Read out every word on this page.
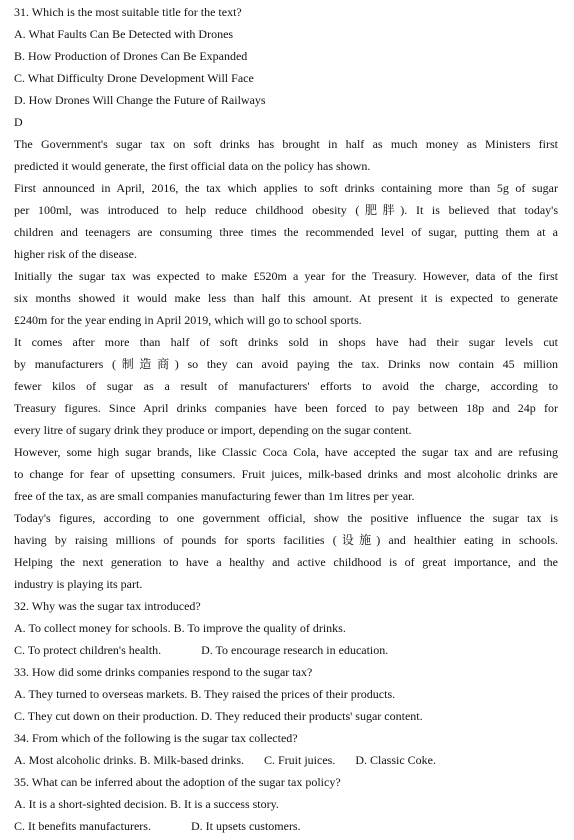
31. Which is the most suitable title for the text?
A. What Faults Can Be Detected with Drones
B. How Production of Drones Can Be Expanded
C. What Difficulty Drone Development Will Face
D. How Drones Will Change the Future of Railways
D
The Government's sugar tax on soft drinks has brought in half as much money as Ministers first
predicted it would generate, the first official data on the policy has shown.
First announced in April, 2016, the tax which applies to soft drinks containing more than 5g of sugar
per 100ml, was introduced to help reduce childhood obesity (肥胖). It is believed that today's
children and teenagers are consuming three times the recommended level of sugar, putting them at a
higher risk of the disease.
Initially the sugar tax was expected to make £520m a year for the Treasury. However, data of the first
six months showed it would make less than half this amount. At present it is expected to generate
£240m for the year ending in April 2019, which will go to school sports.
It comes after more than half of soft drinks sold in shops have had their sugar levels cut
by manufacturers (制造商) so they can avoid paying the tax. Drinks now contain 45 million
fewer kilos of sugar as a result of manufacturers' efforts to avoid the charge, according to
Treasury figures. Since April drinks companies have been forced to pay between 18p and 24p for
every litre of sugary drink they produce or import, depending on the sugar content.
However, some high sugar brands, like Classic Coca Cola, have accepted the sugar tax and are refusing
to change for fear of upsetting consumers. Fruit juices, milk-based drinks and most alcoholic drinks are
free of the tax, as are small companies manufacturing fewer than 1m litres per year.
Today's figures, according to one government official, show the positive influence the sugar tax is
having by raising millions of pounds for sports facilities (设施) and healthier eating in schools.
Helping the next generation to have a healthy and active childhood is of great importance, and the
industry is playing its part.
32. Why was the sugar tax introduced?
A. To collect money for schools. B. To improve the quality of drinks.
C. To protect children's health.	D. To encourage research in education.
33. How did some drinks companies respond to the sugar tax?
A. They turned to overseas markets. B. They raised the prices of their products.
C. They cut down on their production. D. They reduced their products' sugar content.
34. From which of the following is the sugar tax collected?
A. Most alcoholic drinks. B. Milk-based drinks. C. Fruit juices. D. Classic Coke.
35. What can be inferred about the adoption of the sugar tax policy?
A. It is a short-sighted decision. B. It is a success story.
C. It benefits manufacturers.	D. It upsets customers.
